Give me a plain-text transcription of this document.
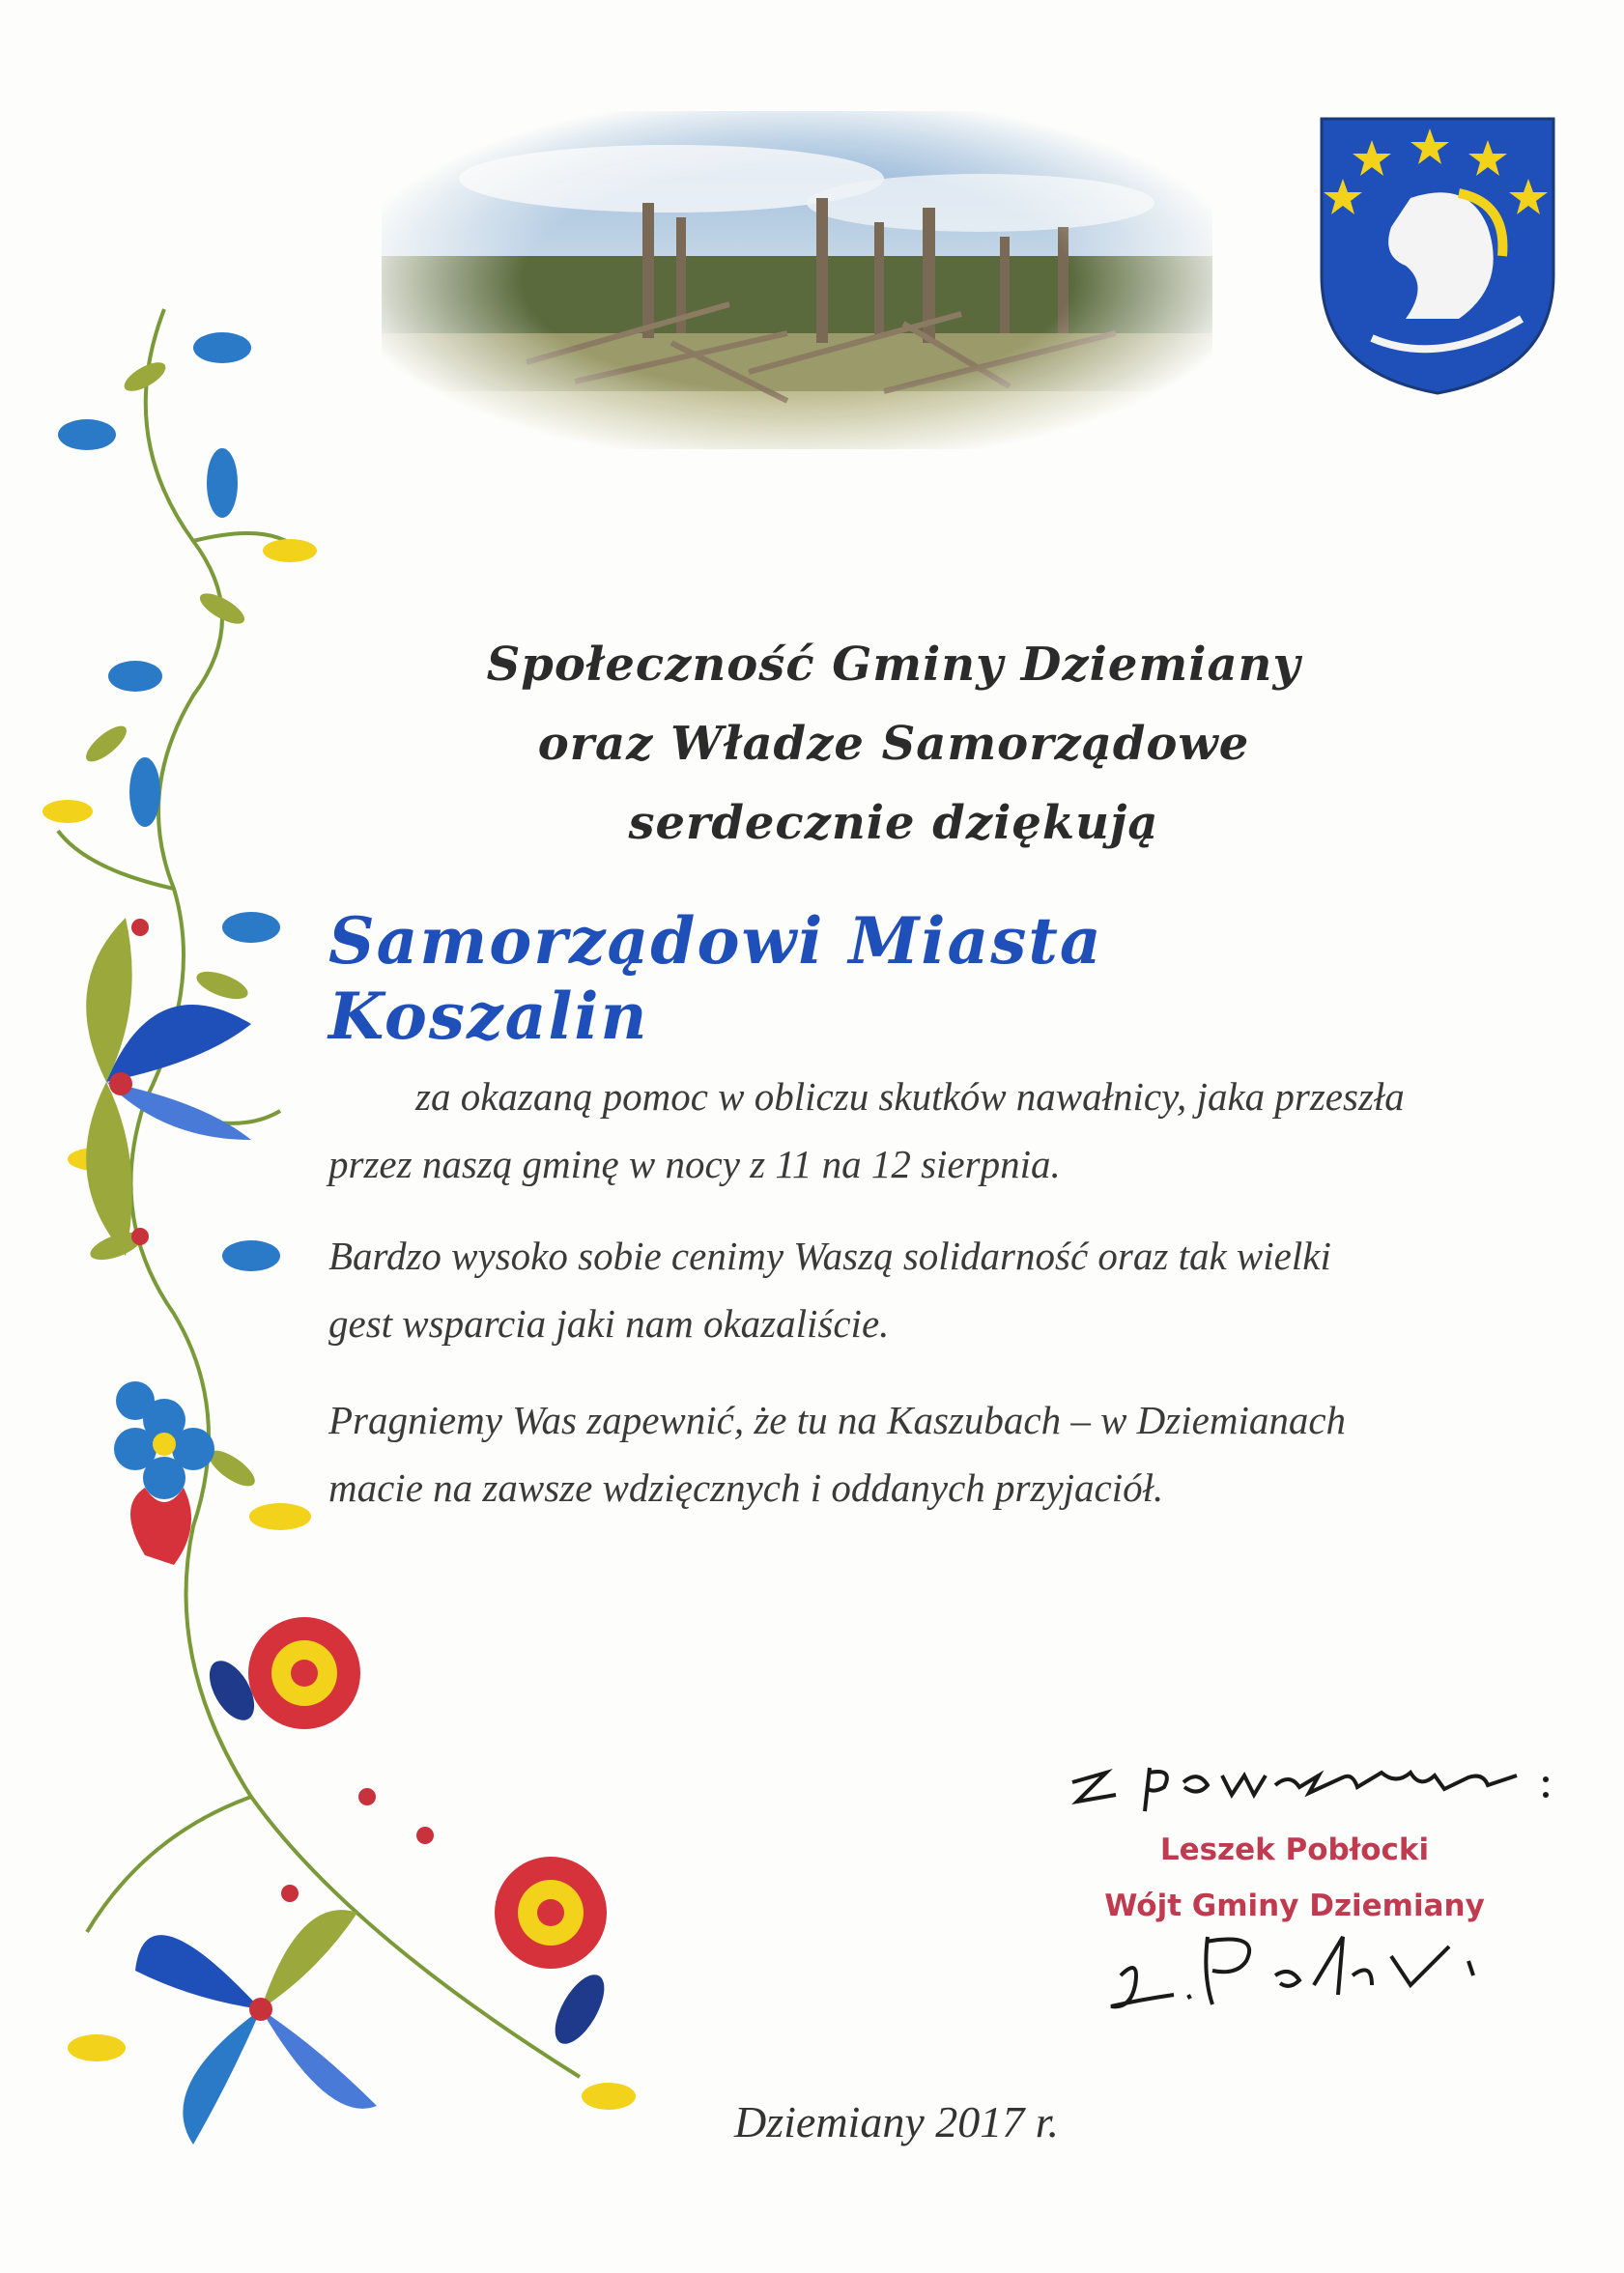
Społeczność Gminy Dziemiany
oraz Władze Samorządowe
serdecznie dziękują
Samorządowi Miasta Koszalin

za okazaną pomoc w obliczu skutków nawałnicy, jaka przeszła
przez naszą gminę w nocy z 11 na 12 sierpnia.

Bardzo wysoko sobie cenimy Waszą solidarność oraz tak wielki
gest wsparcia jaki nam okazaliście.

Pragniemy Was zapewnić, że tu na Kaszubach – w Dziemianach
macie na zawsze wdzięcznych i oddanych przyjaciół.

Leszek Pobłocki

Wójt Gminy Dziemiany

Dziemiany 2017 r.
